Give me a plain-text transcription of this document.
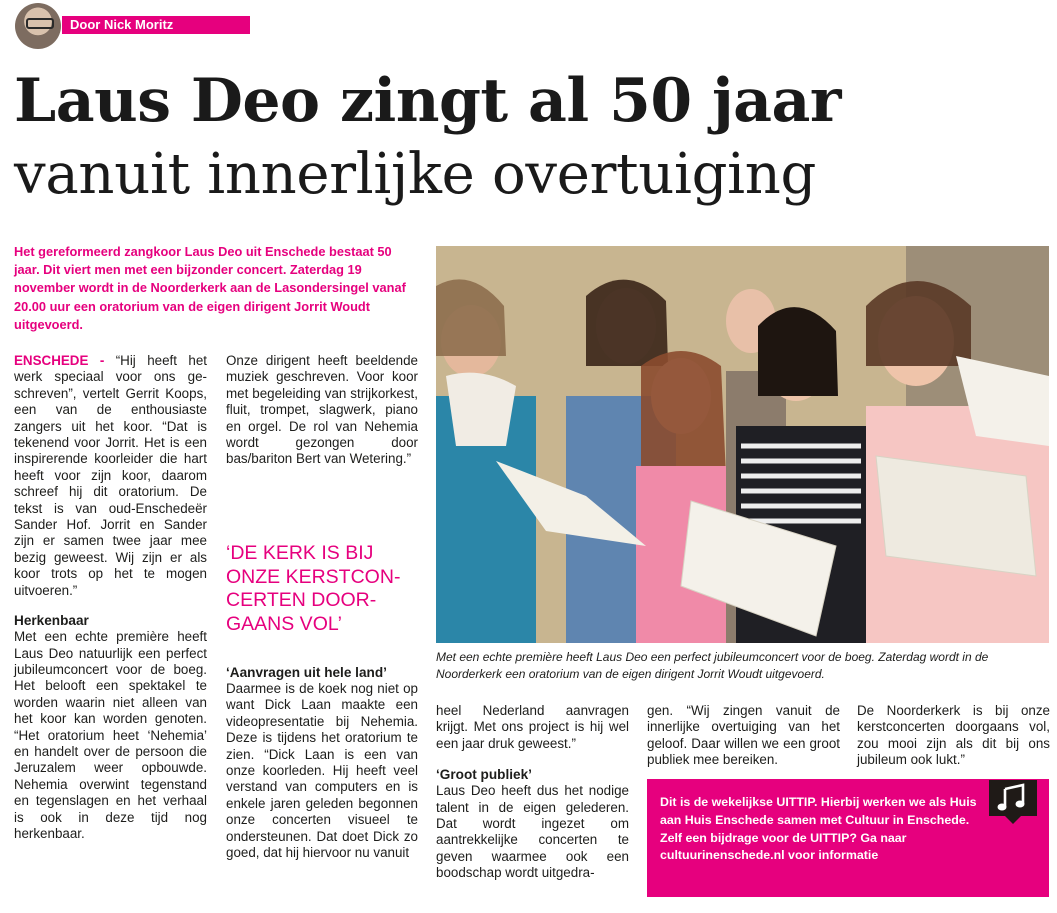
Door Nick Moritz
Laus Deo zingt al 50 jaar
vanuit innerlijke overtuiging
Het gereformeerd zangkoor Laus Deo uit Enschede bestaat 50 jaar. Dit viert men met een bijzonder concert. Zaterdag 19 november wordt in de Noorderkerk aan de Lasondersingel vanaf 20.00 uur een oratorium van de eigen dirigent Jorrit Woudt uitgevoerd.

ENSCHEDE - “Hij heeft het werk speciaal voor ons geschreven”, vertelt Gerrit Koops, een van de enthousiaste zangers uit het koor. “Dat is tekenend voor Jorrit. Het is een inspirerende koorleider die hart heeft voor zijn koor, daarom schreef hij dit oratorium. De tekst is van oud-Enschedeër Sander Hof. Jorrit en Sander zijn er samen twee jaar mee bezig geweest. Wij zijn er als koor trots op het te mogen uitvoeren.”

Herkenbaar

Met een echte première heeft Laus Deo natuurlijk een perfect jubileumconcert voor de boeg. Het belooft een spektakel te worden waarin niet alleen van het koor kan worden genoten. “Het oratorium heet ‘Nehemia’ en handelt over de persoon die Jeruzalem weer opbouwde. Nehemia overwint tegenstand en tegenslagen en het verhaal is ook in deze tijd nog herkenbaar.

Onze dirigent heeft beeldende muziek geschreven. Voor koor met begeleiding van strijkorkest, fluit, trompet, slagwerk, piano en orgel. De rol van Nehemia wordt gezongen door bas/bariton Bert van Wetering.”

‘DE KERK IS BIJ ONZE KERSTCONCERTEN DOORGAANS VOL’

‘Aanvragen uit hele land’

Daarmee is de koek nog niet op want Dick Laan maakte een videopresentatie bij Nehemia. Deze is tijdens het oratorium te zien. “Dick Laan is een van onze koorleden. Hij heeft veel verstand van computers en is enkele jaren geleden begonnen onze concerten visueel te ondersteunen. Dat doet Dick zo goed, dat hij hiervoor nu vanuit

Met een echte première heeft Laus Deo een perfect jubileumconcert voor de boeg. Zaterdag wordt in de Noorderkerk een oratorium van de eigen dirigent Jorrit Woudt uitgevoerd.

heel Nederland aanvragen krijgt. Met ons project is hij wel een jaar druk geweest.”

‘Groot publiek’

Laus Deo heeft dus het nodige talent in de eigen gelederen. Dat wordt ingezet om aantrekkelijke concerten te geven waarmee ook een boodschap wordt uitgedra-

gen. “Wij zingen vanuit de innerlijke overtuiging van het geloof. Daar willen we een groot publiek mee bereiken.

De Noorderkerk is bij onze kerstconcerten doorgaans vol, zou mooi zijn als dit bij ons jubileum ook lukt.”

Dit is de wekelijkse UITTIP. Hierbij werken we als Huis aan Huis Enschede samen met Cultuur in Enschede. Zelf een bijdrage voor de UITTIP? Ga naar cultuurinenschede.nl voor informatie
